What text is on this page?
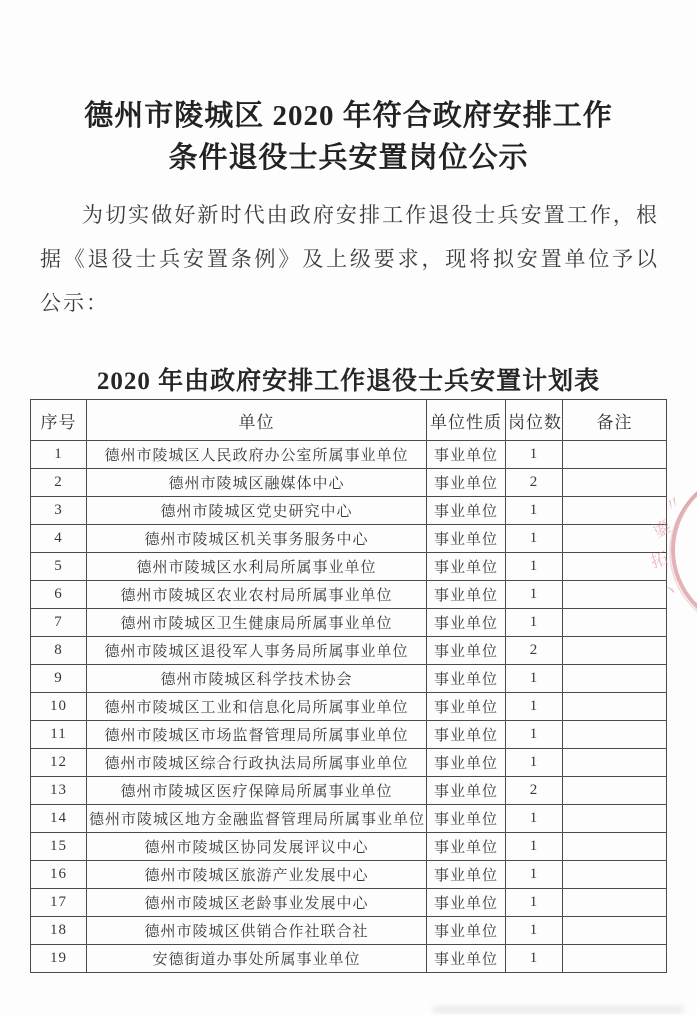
德州市陵城区 2020 年符合政府安排工作
条件退役士兵安置岗位公示

为切实做好新时代由政府安排工作退役士兵安置工作，根据《退役士兵安置条例》及上级要求，现将拟安置单位予以公示：

2020 年由政府安排工作退役士兵安置计划表
序号	单位	单位性质	岗位数	备注
1	德州市陵城区人民政府办公室所属事业单位	事业单位	1	
2	德州市陵城区融媒体中心	事业单位	2	
3	德州市陵城区党史研究中心	事业单位	1	
4	德州市陵城区机关事务服务中心	事业单位	1	
5	德州市陵城区水利局所属事业单位	事业单位	1	
6	德州市陵城区农业农村局所属事业单位	事业单位	1	
7	德州市陵城区卫生健康局所属事业单位	事业单位	1	
8	德州市陵城区退役军人事务局所属事业单位	事业单位	2	
9	德州市陵城区科学技术协会	事业单位	1	
10	德州市陵城区工业和信息化局所属事业单位	事业单位	1	
11	德州市陵城区市场监督管理局所属事业单位	事业单位	1	
12	德州市陵城区综合行政执法局所属事业单位	事业单位	1	
13	德州市陵城区医疗保障局所属事业单位	事业单位	2	
14	德州市陵城区地方金融监督管理局所属事业单位	事业单位	1	
15	德州市陵城区协同发展评议中心	事业单位	1	
16	德州市陵城区旅游产业发展中心	事业单位	1	
17	德州市陵城区老龄事业发展中心	事业单位	1	
18	德州市陵城区供销合作社联合社	事业单位	1	
19	安德街道办事处所属事业单位	事业单位	1	
〃
鎏
拓
丶
